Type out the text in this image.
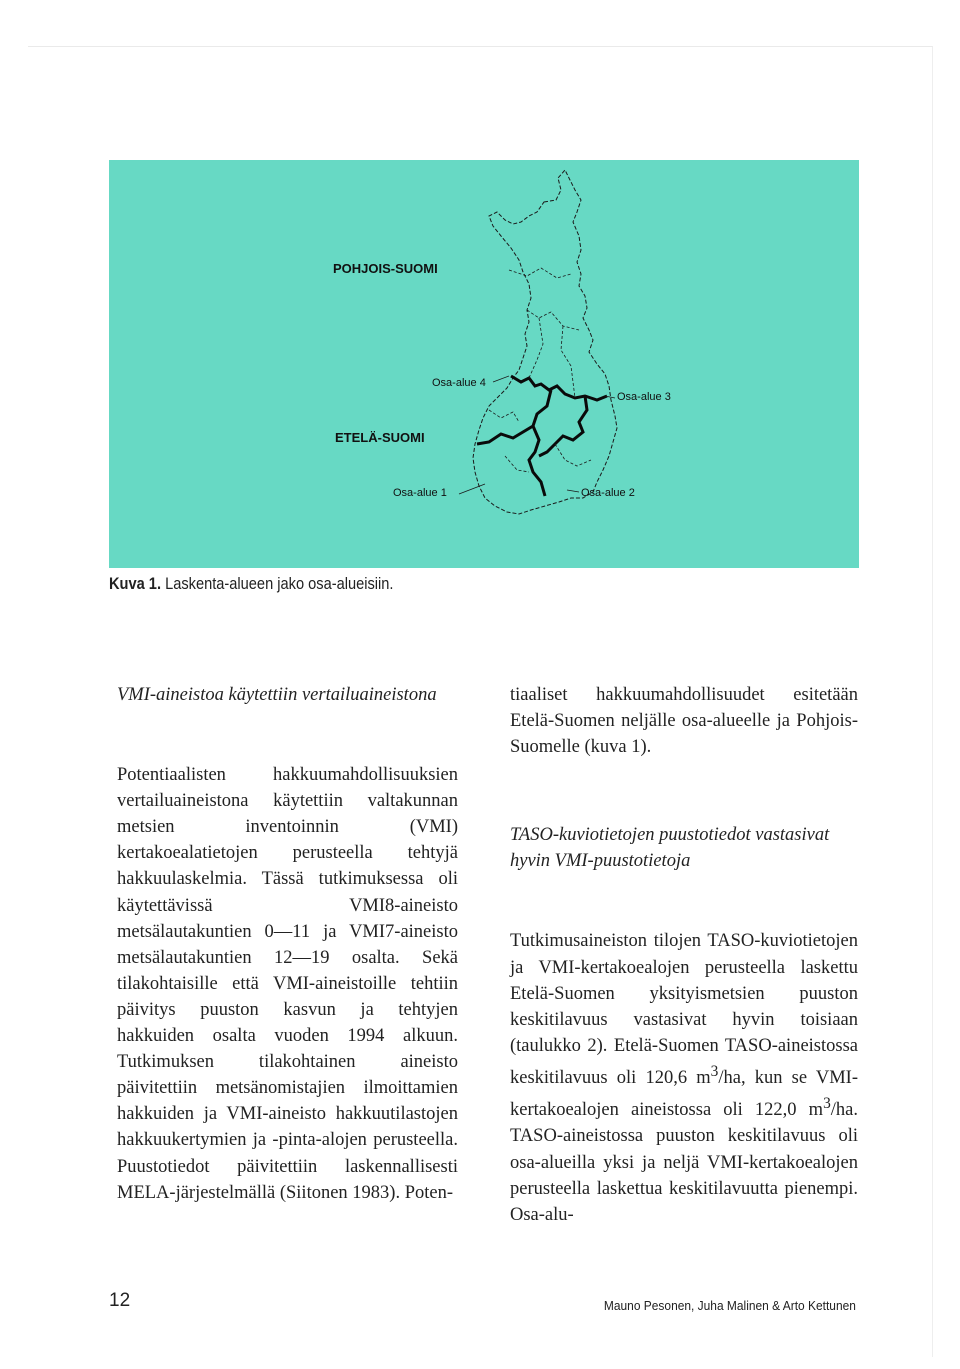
POHJOIS-SUOMI
ETELÄ-SUOMI
Osa-alue 4
Osa-alue 3
Osa-alue 1	Osa-alue 2
Kuva 1. Laskenta-alueen jako osa-alueisiin.

VMI-aineistoa käytettiin vertailuaineistona

Potentiaalisten hakkuumahdollisuuksien vertailuaineistona käytettiin valtakunnan metsien inventoinnin (VMI) kertakoealatietojen perusteella tehtyjä hakkuulaskelmia. Tässä tutkimuksessa oli käytettävissä VMI8-aineisto metsälautakuntien 0—11 ja VMI7-aineisto metsälautakuntien 12—19 osalta. Sekä tilakohtaisille että VMI-aineistoille tehtiin päivitys puuston kasvun ja tehtyjen hakkuiden osalta vuoden 1994 alkuun. Tutkimuksen tilakohtainen aineisto päivitettiin metsänomistajien ilmoittamien hakkuiden ja VMI-aineisto hakkuutilastojen hakkuukertymien ja -pinta-alojen perusteella. Puustotiedot päivitettiin laskennallisesti MELA-järjestelmällä (Siitonen 1983). Poten-

tiaaliset hakkuumahdollisuudet esitetään Etelä-Suomen neljälle osa-alueelle ja Pohjois-Suomelle (kuva 1).

TASO-kuviotietojen puustotiedot vastasivat hyvin VMI-puustotietoja

Tutkimusaineiston tilojen TASO-kuviotietojen ja VMI-kertakoealojen perusteella laskettu Etelä-Suomen yksityismetsien puuston keskitilavuus vastasivat hyvin toisiaan (taulukko 2). Etelä-Suomen TASO-aineistossa keskitilavuus oli 120,6 $m^3/ha$, kun se VMI-kertakoealojen aineistossa oli 122,0 $m^3/ha$. TASO-aineistossa puuston keskitilavuus oli osa-alueilla yksi ja neljä VMI-kertakoealojen perusteella laskettua keskitilavuutta pienempi. Osa-alu-

12	Mauno Pesonen, Juha Malinen & Arto Kettunen
